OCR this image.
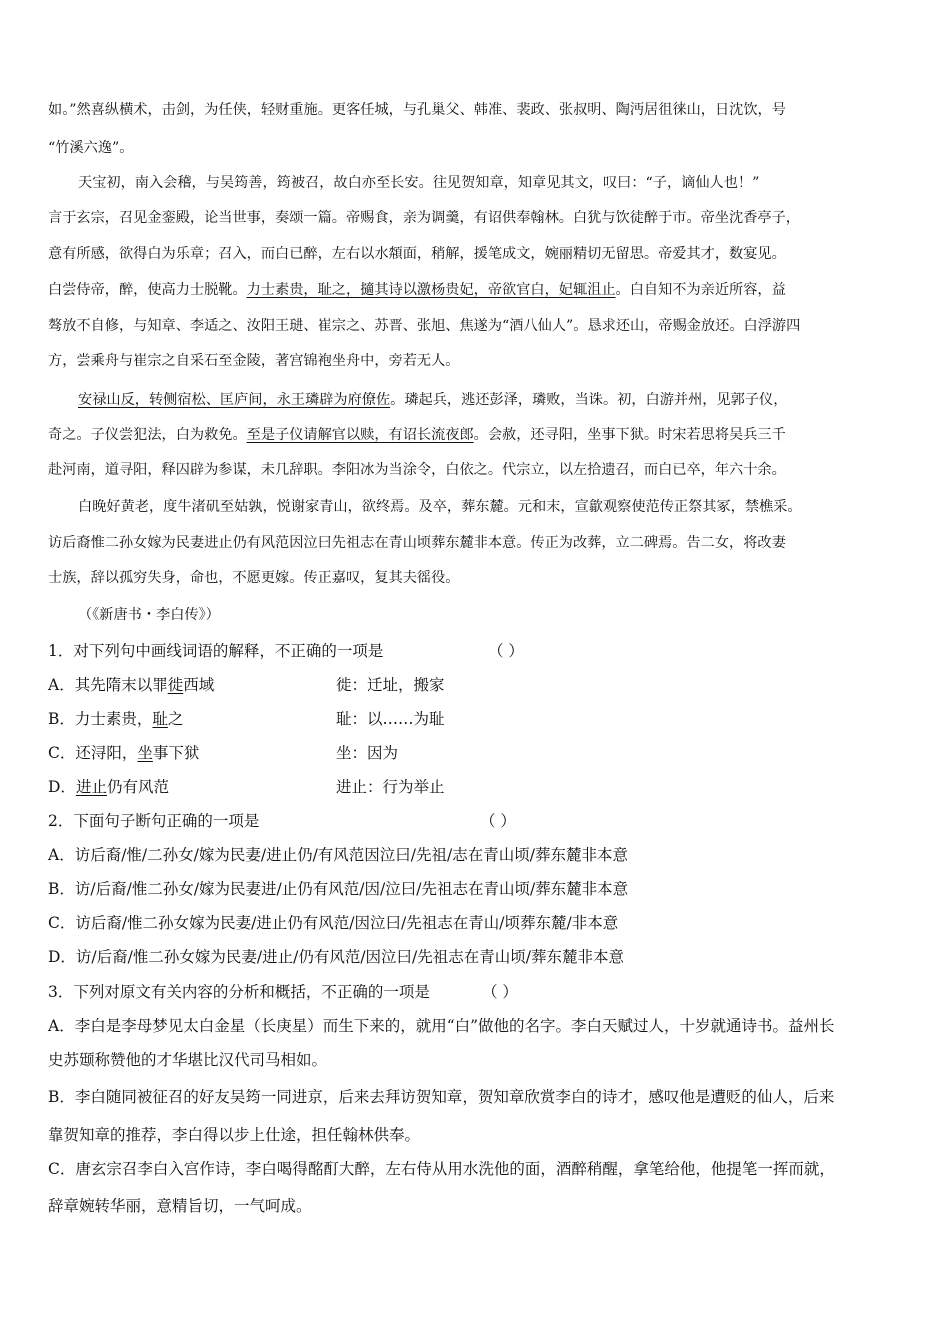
如。”然喜纵横术，击剑，为任侠，轻财重施。更客任城，与孔巢父、韩准、裴政、张叔明、陶沔居徂徕山，日沈饮，号
“竹溪六逸”。
天宝初，南入会稽，与吴筠善，筠被召，故白亦至长安。往见贺知章，知章见其文，叹曰：“子，谪仙人也！”
言于玄宗，召见金銮殿，论当世事，奏颂一篇。帝赐食，亲为调羹，有诏供奉翰林。白犹与饮徒醉于市。帝坐沈香亭子，
意有所感，欲得白为乐章；召入，而白已醉，左右以水頮面，稍解，援笔成文，婉丽精切无留思。帝爱其才，数宴见。
白尝侍帝，醉，使高力士脱靴。力士素贵，耻之，擿其诗以激杨贵妃，帝欲官白，妃辄沮止。白自知不为亲近所容，益
骜放不自修，与知章、李适之、汝阳王琎、崔宗之、苏晋、张旭、焦遂为“酒八仙人”。恳求还山，帝赐金放还。白浮游四
方，尝乘舟与崔宗之自采石至金陵，著宫锦袍坐舟中，旁若无人。
安禄山反，转侧宿松、匡庐间，永王璘辟为府僚佐。璘起兵，逃还彭泽，璘败，当诛。初，白游并州，见郭子仪，
奇之。子仪尝犯法，白为救免。至是子仪请解官以赎，有诏长流夜郎。会赦，还寻阳，坐事下狱。时宋若思将吴兵三千
赴河南，道寻阳，释囚辟为参谋，未几辞职。李阳冰为当涂令，白依之。代宗立，以左拾遗召，而白已卒，年六十余。
白晚好黄老，度牛渚矶至姑孰，悦谢家青山，欲终焉。及卒，葬东麓。元和末，宣歙观察使范传正祭其冢，禁樵采。
访后裔惟二孙女嫁为民妻进止仍有风范因泣曰先祖志在青山顷葬东麓非本意。传正为改葬，立二碑焉。告二女，将改妻
士族，辞以孤穷失身，命也，不愿更嫁。传正嘉叹，复其夫徭役。
（《新唐书・李白传》）
1．对下列句中画线词语的解释，不正确的一项是	（ ）
A．其先隋末以罪徙西域	徙：迁址，搬家
B．力士素贵，耻之	耻：以……为耻
C．还浔阳，坐事下狱	坐：因为
D．进止仍有风范	进止：行为举止
2．下面句子断句正确的一项是	（ ）
A．访后裔/惟/二孙女/嫁为民妻/进止仍/有风范因泣曰/先祖/志在青山顷/葬东麓非本意
B．访/后裔/惟二孙女/嫁为民妻进/止仍有风范/因/泣曰/先祖志在青山顷/葬东麓非本意
C．访后裔/惟二孙女嫁为民妻/进止仍有风范/因泣曰/先祖志在青山/顷葬东麓/非本意
D．访/后裔/惟二孙女嫁为民妻/进止/仍有风范/因泣曰/先祖志在青山顷/葬东麓非本意
3．下列对原文有关内容的分析和概括，不正确的一项是	（ ）
A．李白是李母梦见太白金星（长庚星）而生下来的，就用“白”做他的名字。李白天赋过人，十岁就通诗书。益州长
史苏颋称赞他的才华堪比汉代司马相如。
B．李白随同被征召的好友吴筠一同进京，后来去拜访贺知章，贺知章欣赏李白的诗才，感叹他是遭贬的仙人，后来
靠贺知章的推荐，李白得以步上仕途，担任翰林供奉。
C．唐玄宗召李白入宫作诗，李白喝得酩酊大醉，左右侍从用水洗他的面，酒醉稍醒，拿笔给他，他提笔一挥而就，
辞章婉转华丽，意精旨切，一气呵成。
